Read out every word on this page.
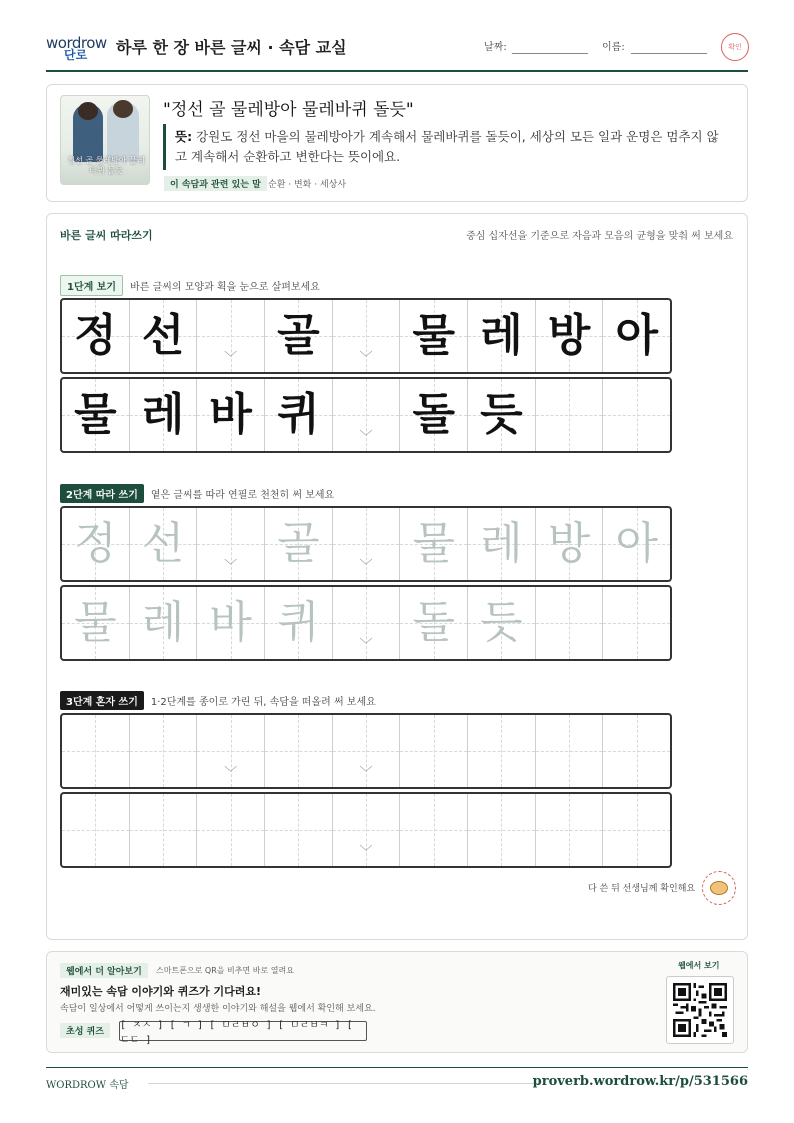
wordrow
단로 하루 한 장 바른 글씨 · 속담 교실	날짜:	이름:	확인
정선 골 물레방아 물레바퀴 돌듯
"정선 골 물레방아 물레바퀴 돌듯"
뜻: 강원도 정선 마을의 물레방아가 계속해서 물레바퀴를 돌듯이, 세상의 모든 일과 운명은 멈추지 않고 계속해서 순환하고 변한다는 뜻이에요.
이 속담과 관련 있는 말 순환 · 변화 · 세상사
바른 글씨 따라쓰기	중심 십자선을 기준으로 자음과 모음의 균형을 맞춰 써 보세요
1단계 보기	바른 글씨의 모양과 획을 눈으로 살펴보세요
정 선	﹀ 골	﹀ 물 레 방 아
물 레 바 퀴	﹀ 돌 듯
2단계 따라 쓰기	옅은 글씨를 따라 연필로 천천히 써 보세요
정 선	﹀ 골	﹀ 물 레 방 아
물 레 바 퀴	﹀ 돌 듯
3단계 혼자 쓰기	1·2단계를 종이로 가린 뒤, 속담을 떠올려 써 보세요
﹀	﹀
﹀
다 쓴 뒤 선생님께 확인해요
웹에서 더 알아보기	스마트폰으로 QR을 비추면 바로 열려요
재미있는 속담 이야기와 퀴즈가 기다려요!
속담이 일상에서 어떻게 쓰이는지 생생한 이야기와 해설을 웹에서 확인해 보세요.
초성 퀴즈
[ ㅈㅅ ] [ ㄱ ] [ ㅁㄹㅂㅇ ] [ ㅁㄹㅂㅋ ] [ ㄷㄷ ]
웹에서 보기
WORDROW 속담	proverb.wordrow.kr/p/531566
